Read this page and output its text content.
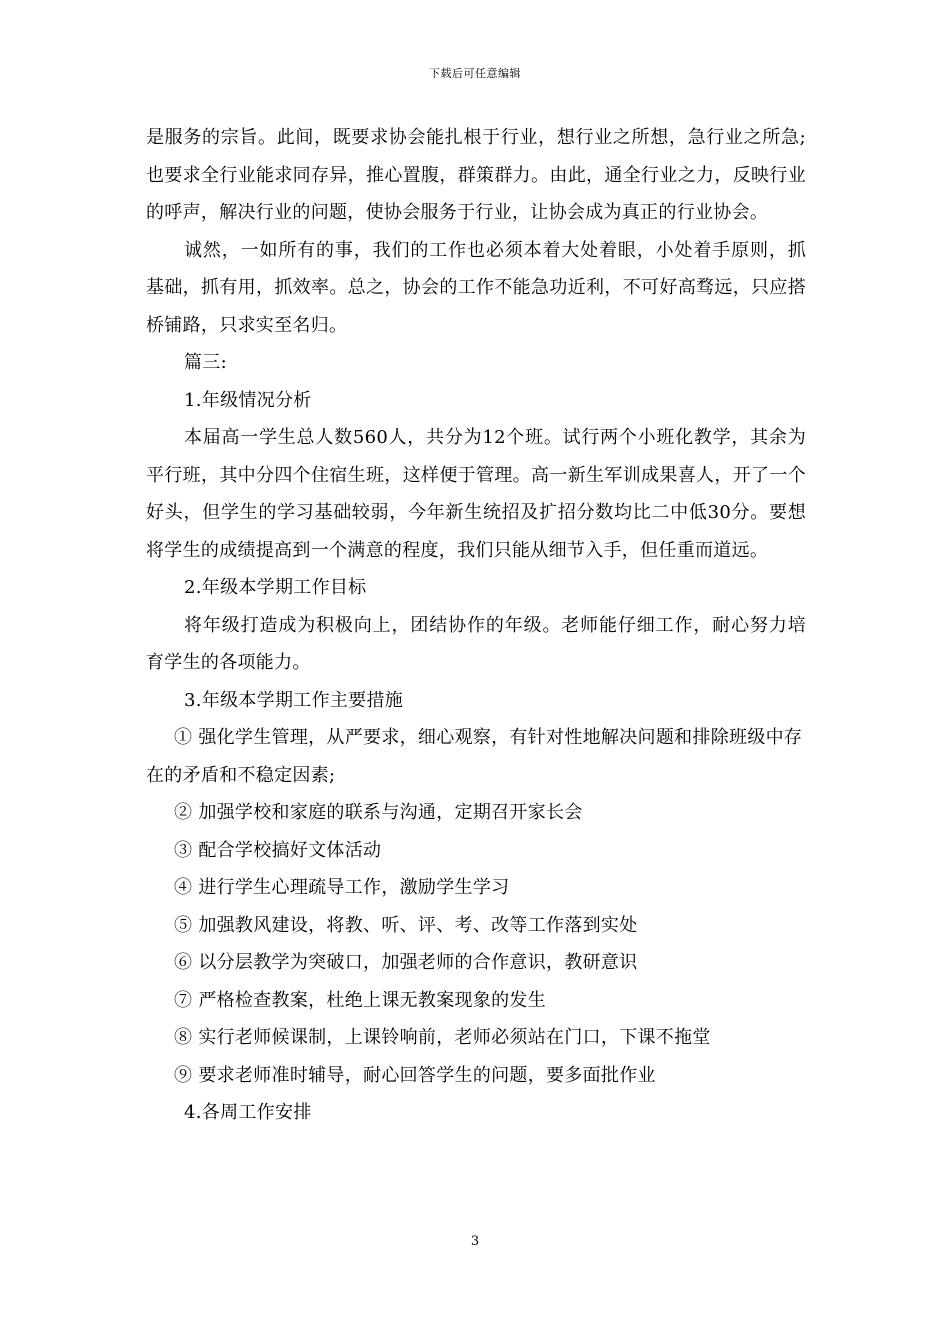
下载后可任意编辑

是服务的宗旨。此间，既要求协会能扎根于行业，想行业之所想，急行业之所急;也要求全行业能求同存异，推心置腹，群策群力。由此，通全行业之力，反映行业的呼声，解决行业的问题，使协会服务于行业，让协会成为真正的行业协会。

诚然，一如所有的事，我们的工作也必须本着大处着眼，小处着手原则，抓基础，抓有用，抓效率。总之，协会的工作不能急功近利，不可好高骛远，只应搭桥铺路，只求实至名归。

篇三:

1.年级情况分析

本届高一学生总人数560人，共分为12个班。试行两个小班化教学，其余为平行班，其中分四个住宿生班，这样便于管理。高一新生军训成果喜人，开了一个好头，但学生的学习基础较弱，今年新生统招及扩招分数均比二中低30分。要想将学生的成绩提高到一个满意的程度，我们只能从细节入手，但任重而道远。

2.年级本学期工作目标

将年级打造成为积极向上，团结协作的年级。老师能仔细工作，耐心努力培育学生的各项能力。

3.年级本学期工作主要措施

① 强化学生管理，从严要求，细心观察，有针对性地解决问题和排除班级中存在的矛盾和不稳定因素;

② 加强学校和家庭的联系与沟通，定期召开家长会

③ 配合学校搞好文体活动

④ 进行学生心理疏导工作，激励学生学习

⑤ 加强教风建设，将教、听、评、考、改等工作落到实处

⑥ 以分层教学为突破口，加强老师的合作意识，教研意识

⑦ 严格检查教案，杜绝上课无教案现象的发生

⑧ 实行老师候课制，上课铃响前，老师必须站在门口，下课不拖堂

⑨ 要求老师准时辅导，耐心回答学生的问题，要多面批作业

4.各周工作安排

3
